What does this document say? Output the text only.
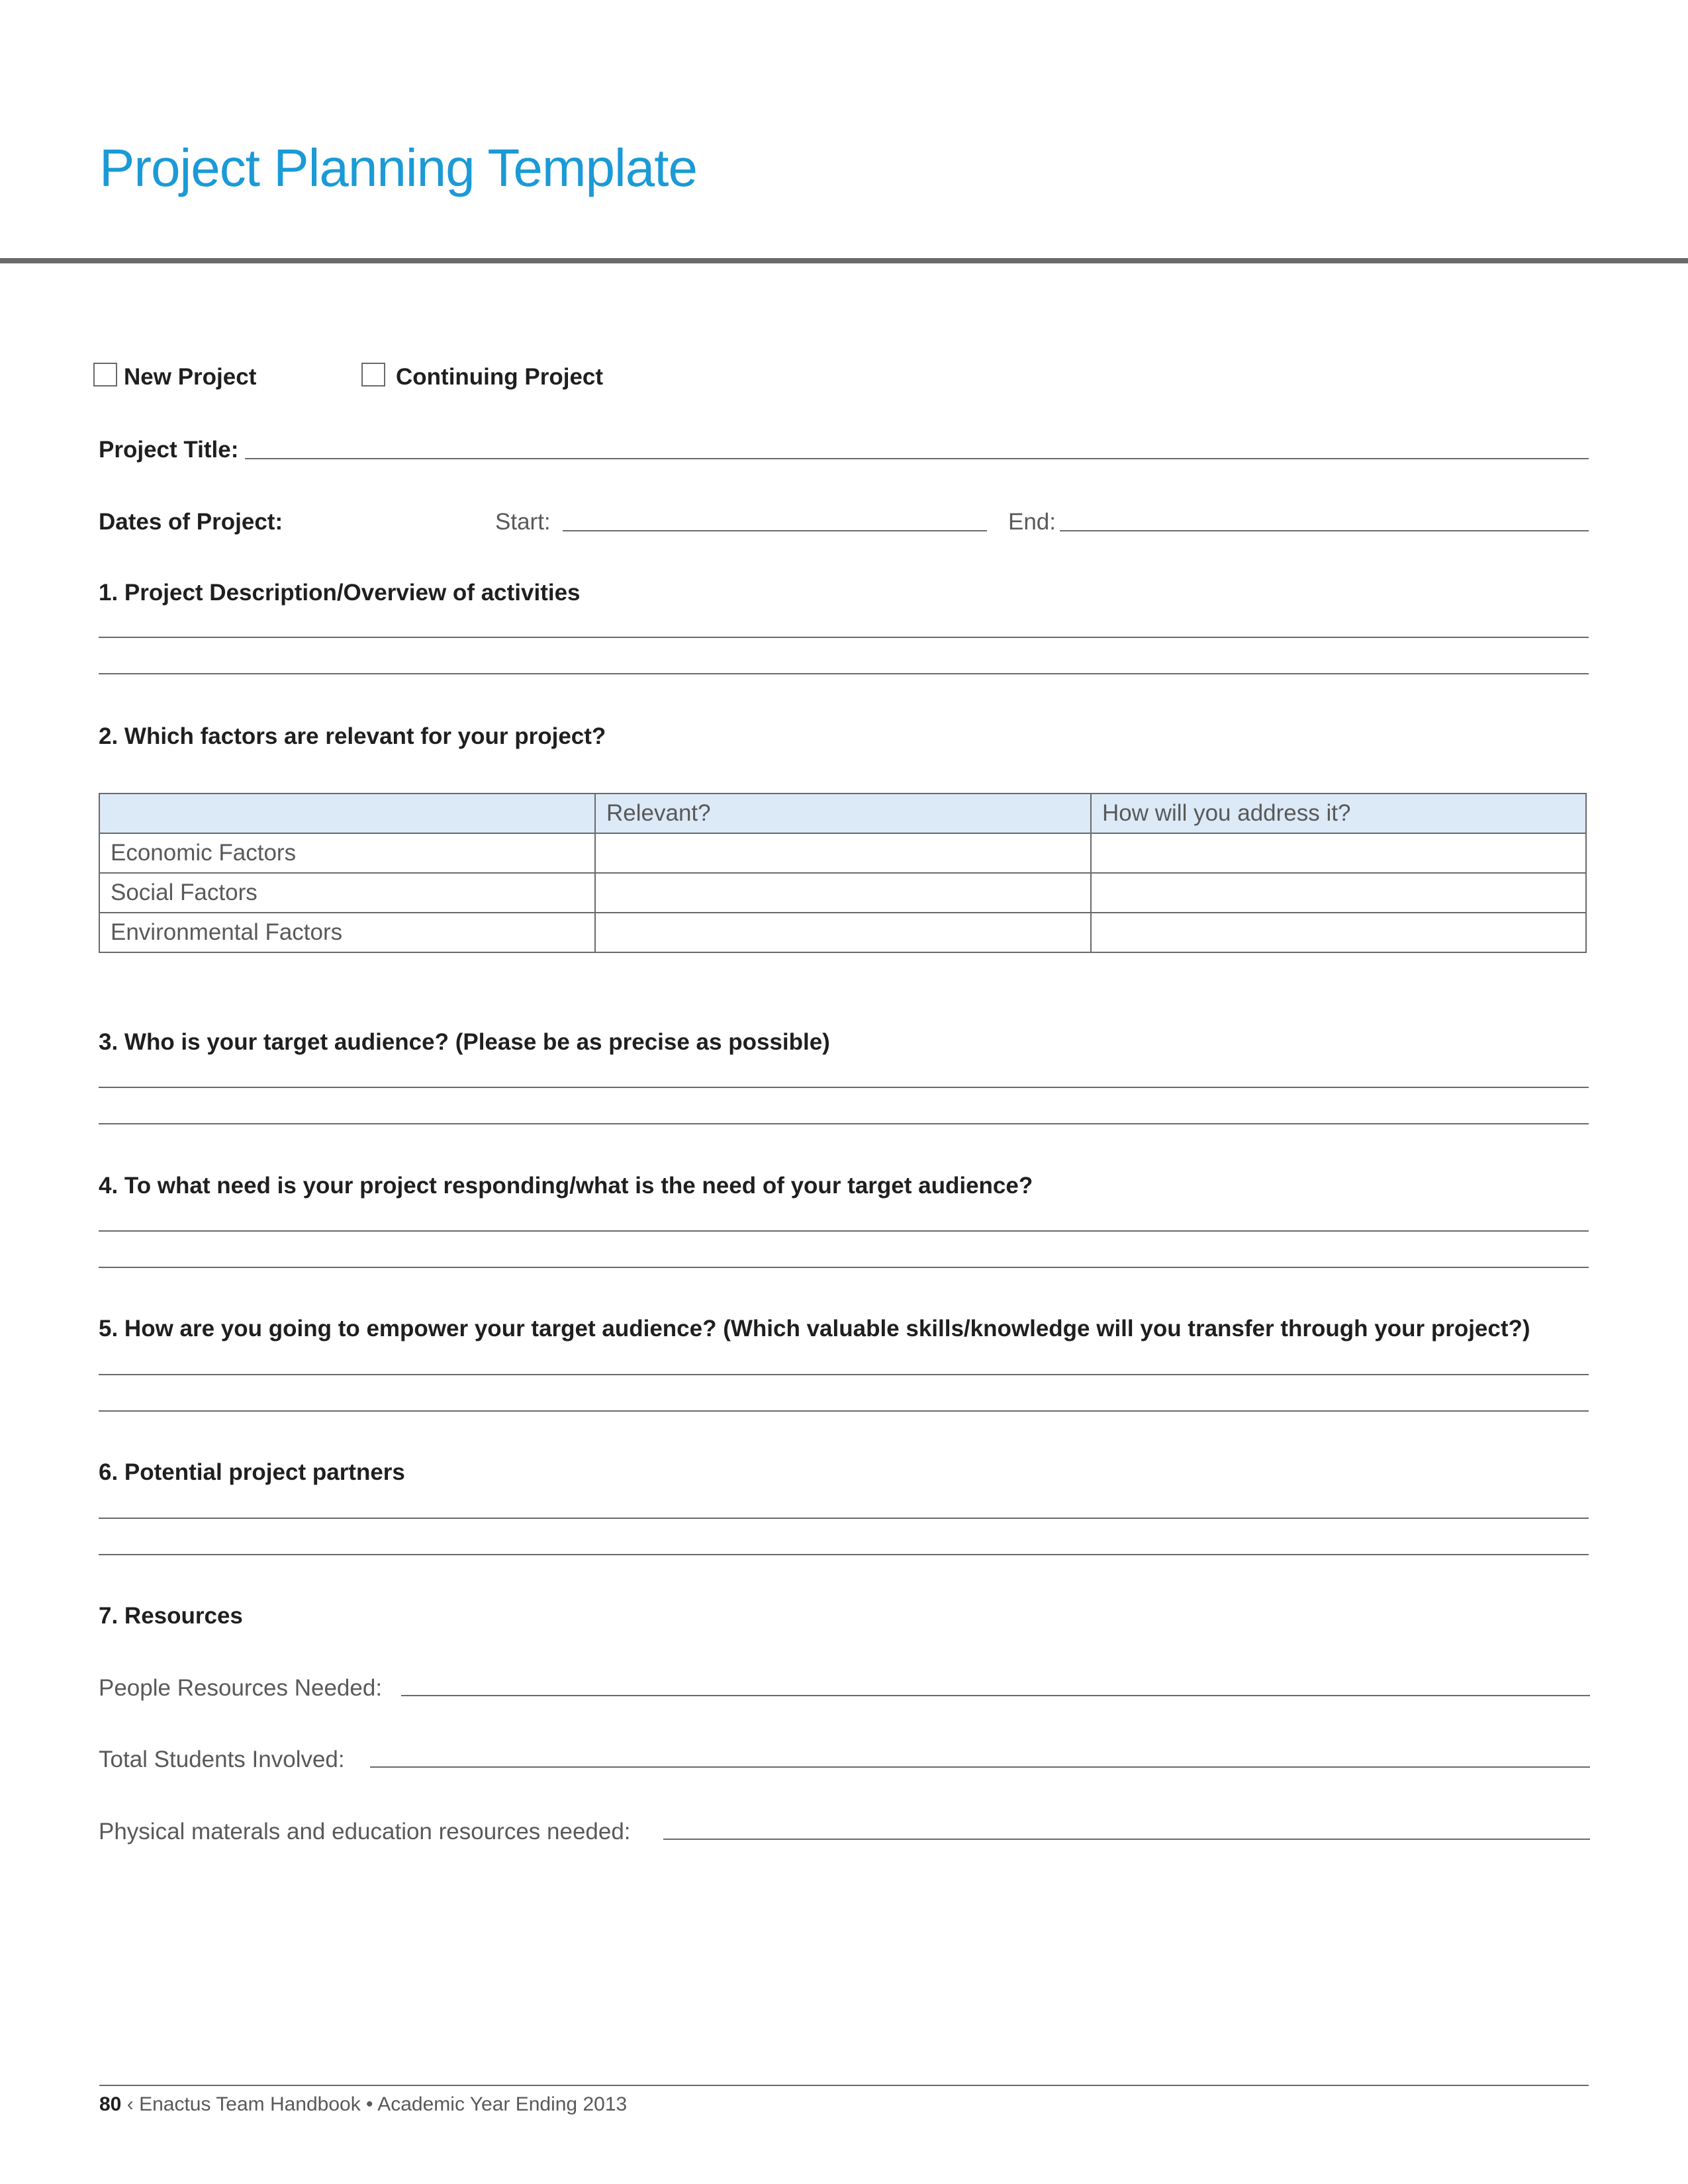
Project Planning Template
New Project	Continuing Project
Project Title:
Dates of Project:	Start:	End:
1. Project Description/Overview of activities
2. Which factors are relevant for your project?
	Relevant?	How will you address it?
Economic Factors		
Social Factors		
Environmental Factors		
3. Who is your target audience? (Please be as precise as possible)
4. To what need is your project responding/what is the need of your target audience?
5. How are you going to empower your target audience? (Which valuable skills/knowledge will you transfer through your project?)
6. Potential project partners
7. Resources
People Resources Needed:
Total Students Involved:
Physical materals and education resources needed:
80 ‹ Enactus Team Handbook • Academic Year Ending 2013
